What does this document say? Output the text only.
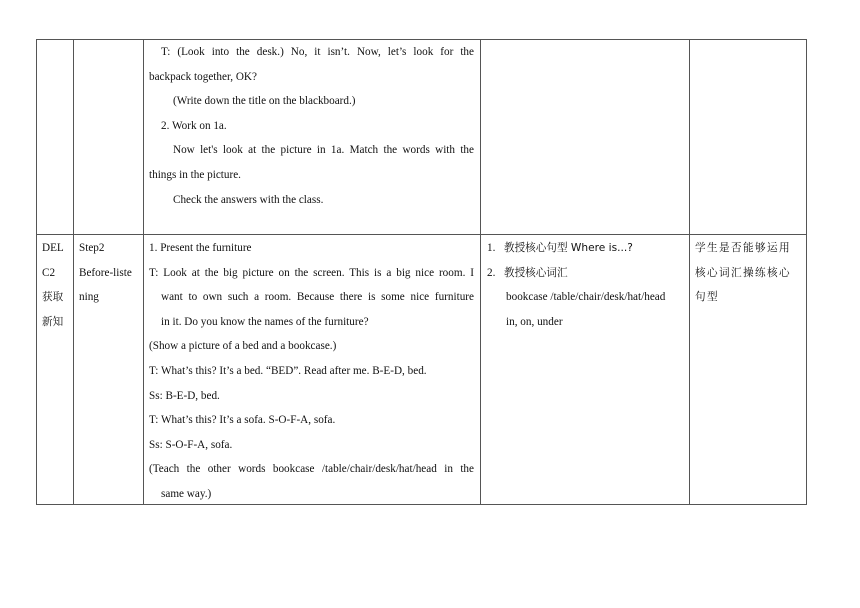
T: (Look into the desk.) No, it isn’t. Now, let’s look for the

backpack together, OK?

(Write down the title on the blackboard.)

2. Work on 1a.

Now let's look at the picture in 1a. Match the words with the

things in the picture.

Check the answers with the class.

DEL

C2

获取

新知

Step2

Before-liste

ning

1. Present the furniture

T: Look at the big picture on the screen. This is a big nice room. I

want to own such a room. Because there is some nice furniture

in it. Do you know the names of the furniture?

(Show a picture of a bed and a bookcase.)

T: What’s this? It’s a bed. “BED”. Read after me. B-E-D, bed.

Ss: B-E-D, bed.

T: What’s this? It’s a sofa. S-O-F-A, sofa.

Ss: S-O-F-A, sofa.

(Teach the other words bookcase /table/chair/desk/hat/head in the

same way.)

1. 教授核心句型 Where is...?
2. 教授核心词汇

bookcase /table/chair/desk/hat/head

in, on, under

学生是否能够运用

核心词汇操练核心

句型
